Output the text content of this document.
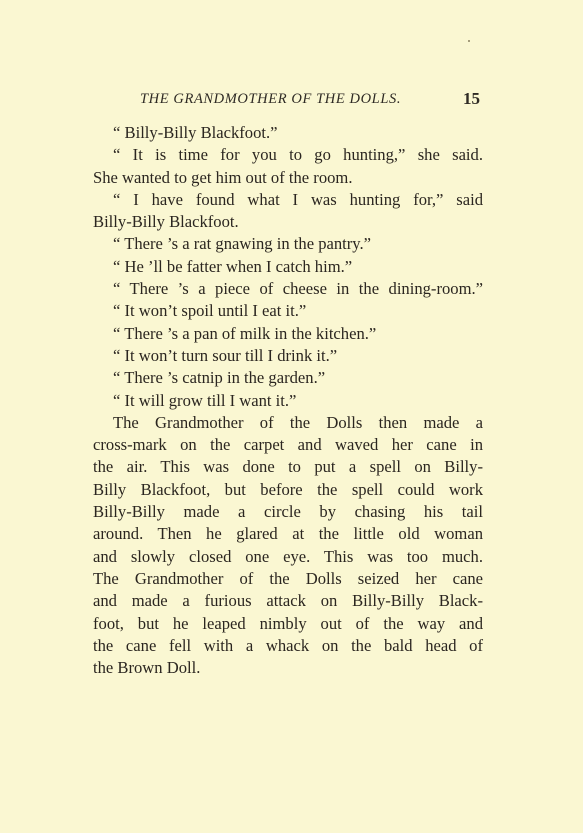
THE GRANDMOTHER OF THE DOLLS.	15
“ Billy-Billy Blackfoot.”
“ It is time for you to go hunting,” she said.
She wanted to get him out of the room.
“ I have found what I was hunting for,” said
Billy-Billy Blackfoot.
“ There ’s a rat gnawing in the pantry.”
“ He ’ll be fatter when I catch him.”
“ There ’s a piece of cheese in the dining-room.”
“ It won’t spoil until I eat it.”
“ There ’s a pan of milk in the kitchen.”
“ It won’t turn sour till I drink it.”
“ There ’s catnip in the garden.”
“ It will grow till I want it.”
The Grandmother of the Dolls then made a
cross-mark on the carpet and waved her cane in
the air. This was done to put a spell on Billy-
Billy Blackfoot, but before the spell could work
Billy-Billy made a circle by chasing his tail
around. Then he glared at the little old woman
and slowly closed one eye. This was too much.
The Grandmother of the Dolls seized her cane
and made a furious attack on Billy-Billy Black-
foot, but he leaped nimbly out of the way and
the cane fell with a whack on the bald head of
the Brown Doll.
